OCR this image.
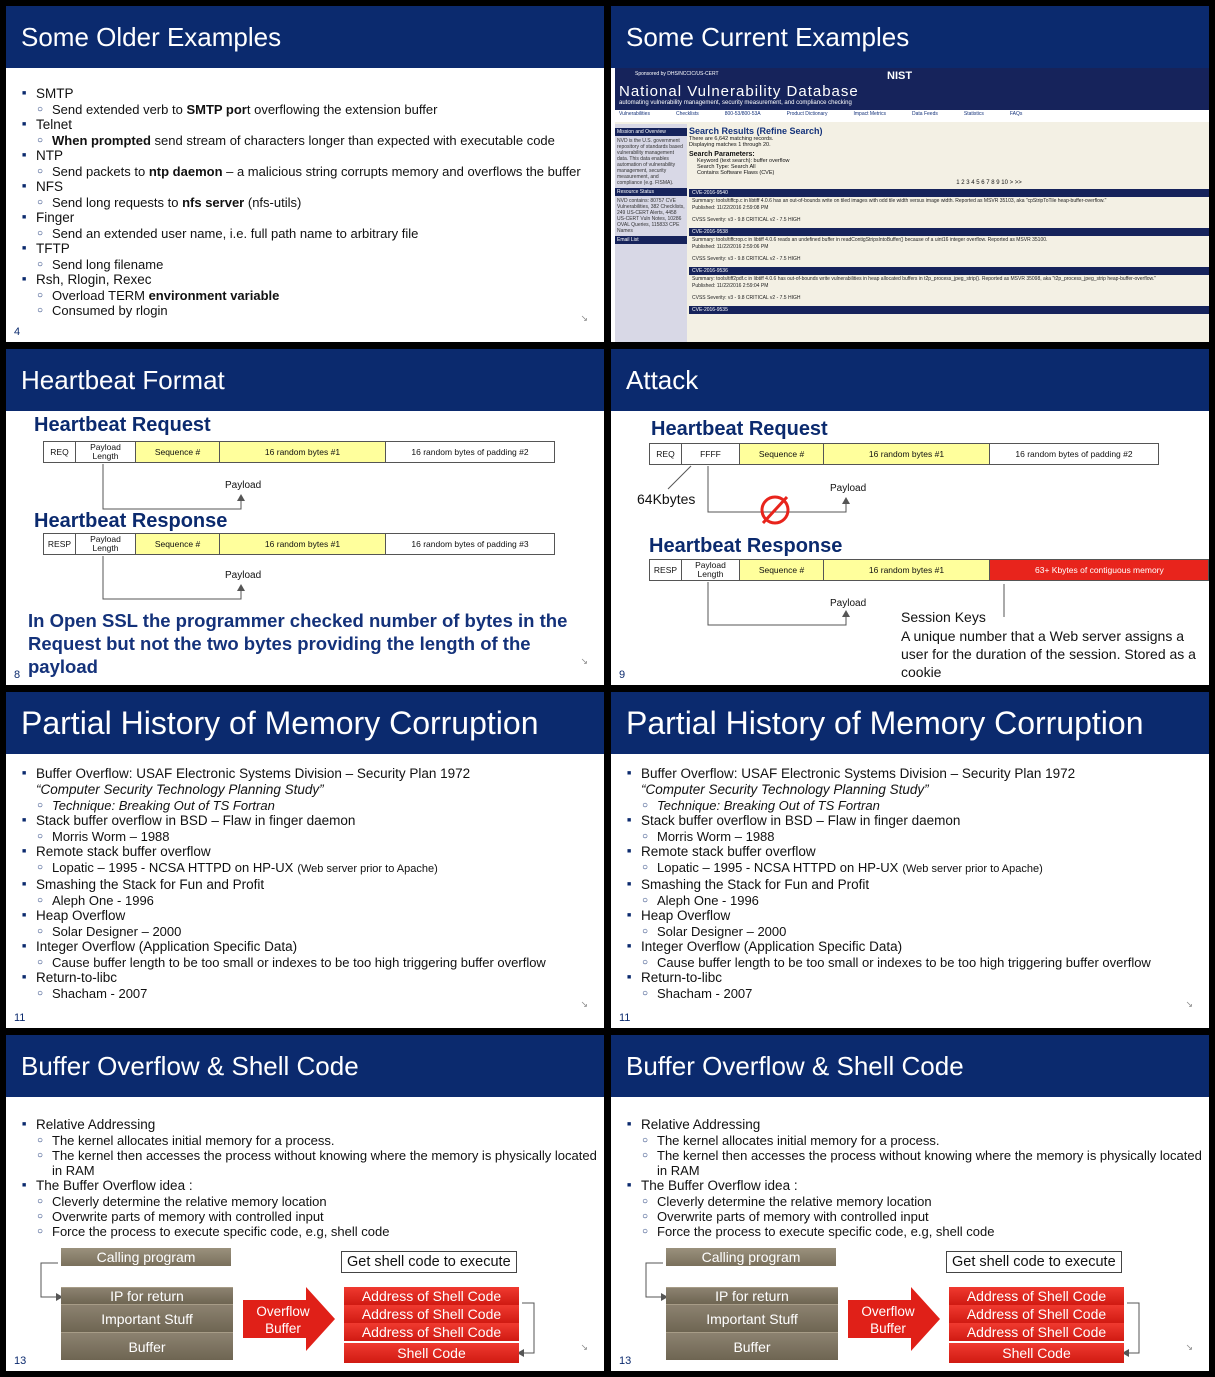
Some Older Examples
■ SMTP
○ Send extended verb to SMTP port overflowing the extension buffer
■ Telnet
○ When prompted send stream of characters longer than expected with executable code
■ NTP
○ Send packets to ntp daemon – a malicious string corrupts memory and overflows the buffer
■ NFS
○ Send long requests to nfs server (nfs-utils)
■ Finger
○ Send an extended user name, i.e. full path name to arbitrary file
■ TFTP
○ Send long filename
■ Rsh, Rlogin, Rexec
○ Overload TERM environment variable
○ Consumed by rlogin
4
↘
Some Current Examples
Sponsored by DHS/NCCIC/US-CERT
National Vulnerability Database
automating vulnerability management, security measurement, and compliance checking
NIST
Vulnerabilities	Checklists	800-53/800-53A	Product Dictionary	Impact Metrics	Data Feeds	Statistics	FAQs
Mission and Overview
NVD is the U.S. government repository of standards based vulnerability management data. This data enables automation of vulnerability management, security measurement, and compliance (e.g. FISMA).
Resource Status
NVD contains: 80757 CVE Vulnerabilities, 382 Checklists, 249 US-CERT Alerts, 4458 US-CERT Vuln Notes, 10286 OVAL Queries, 115833 CPE Names
Email List
Search Results (Refine Search)
There are 6,642 matching records.
Displaying matches 1 through 20.
Search Parameters:
Keyword (text search): buffer overflow
Search Type: Search All
Contains Software Flaws (CVE)
1 2 3 4 5 6 7 8 9 10 > >>
CVE-2016-9540
Summary: tools/tiffcp.c in libtiff 4.0.6 has an out-of-bounds write on tiled images with odd tile width versus image width. Reported as MSVR 35103, aka "cpStripToTile heap-buffer-overflow."
Published: 11/22/2016 2:59:08 PM
CVSS Severity: v3 - 9.8 CRITICAL v2 - 7.5 HIGH
CVE-2016-9538
Summary: tools/tiffcrop.c in libtiff 4.0.6 reads an undefined buffer in readContigStripsIntoBuffer() because of a uint16 integer overflow. Reported as MSVR 35100.
Published: 11/22/2016 2:59:06 PM
CVSS Severity: v3 - 9.8 CRITICAL v2 - 7.5 HIGH
CVE-2016-9536
Summary: tools/tiff2pdf.c in libtiff 4.0.6 has out-of-bounds write vulnerabilities in heap allocated buffers in t2p_process_jpeg_strip(). Reported as MSVR 35098, aka "t2p_process_jpeg_strip heap-buffer-overflow."
Published: 11/22/2016 2:59:04 PM
CVSS Severity: v3 - 9.8 CRITICAL v2 - 7.5 HIGH
CVE-2016-9535
Heartbeat Format
Heartbeat Request
REQ	Payload Length	Sequence #	16 random bytes #1	16 random bytes of padding #2
Payload
Heartbeat Response
RESP	Payload Length	Sequence #	16 random bytes #1	16 random bytes of padding #3
Payload
In Open SSL the programmer checked number of bytes in the Request but not the two bytes providing the length of the payload
8
↘
Attack
Heartbeat Request
REQ	FFFF	Sequence #	16 random bytes #1	16 random bytes of padding #2
64Kbytes
Payload
Heartbeat Response
RESP	Payload Length	Sequence #	16 random bytes #1	63+ Kbytes of contiguous memory
Payload
Session Keys
A unique number that a Web server assigns a user for the duration of the session. Stored as a cookie
9
Partial History of Memory Corruption
■ Buffer Overflow: USAF Electronic Systems Division – Security Plan 1972
“Computer Security Technology Planning Study”
○ Technique: Breaking Out of TS Fortran
■ Stack buffer overflow in BSD – Flaw in finger daemon
○ Morris Worm – 1988
■ Remote stack buffer overflow
○ Lopatic – 1995 - NCSA HTTPD on HP-UX (Web server prior to Apache)
■ Smashing the Stack for Fun and Profit
○ Aleph One - 1996
■ Heap Overflow
○ Solar Designer – 2000
■ Integer Overflow (Application Specific Data)
○ Cause buffer length to be too small or indexes to be too high triggering buffer overflow
■ Return-to-libc
○ Shacham - 2007
11
↘
Partial History of Memory Corruption
■ Buffer Overflow: USAF Electronic Systems Division – Security Plan 1972
“Computer Security Technology Planning Study”
○ Technique: Breaking Out of TS Fortran
■ Stack buffer overflow in BSD – Flaw in finger daemon
○ Morris Worm – 1988
■ Remote stack buffer overflow
○ Lopatic – 1995 - NCSA HTTPD on HP-UX (Web server prior to Apache)
■ Smashing the Stack for Fun and Profit
○ Aleph One - 1996
■ Heap Overflow
○ Solar Designer – 2000
■ Integer Overflow (Application Specific Data)
○ Cause buffer length to be too small or indexes to be too high triggering buffer overflow
■ Return-to-libc
○ Shacham - 2007
11
↘
Buffer Overflow & Shell Code
■ Relative Addressing
○ The kernel allocates initial memory for a process.
○ The kernel then accesses the process without knowing where the memory is physically located in RAM
■ The Buffer Overflow idea :
○ Cleverly determine the relative memory location
○ Overwrite parts of memory with controlled input
○ Force the process to execute specific code, e.g, shell code
Calling program
IP for return
Important Stuff
Buffer
Overflow Buffer
Get shell code to execute
Address of Shell Code
Address of Shell Code
Address of Shell Code
Shell Code
13
↘
Buffer Overflow & Shell Code
■ Relative Addressing
○ The kernel allocates initial memory for a process.
○ The kernel then accesses the process without knowing where the memory is physically located in RAM
■ The Buffer Overflow idea :
○ Cleverly determine the relative memory location
○ Overwrite parts of memory with controlled input
○ Force the process to execute specific code, e.g, shell code
Calling program
IP for return
Important Stuff
Buffer
Overflow Buffer
Get shell code to execute
Address of Shell Code
Address of Shell Code
Address of Shell Code
Shell Code
13
↘
